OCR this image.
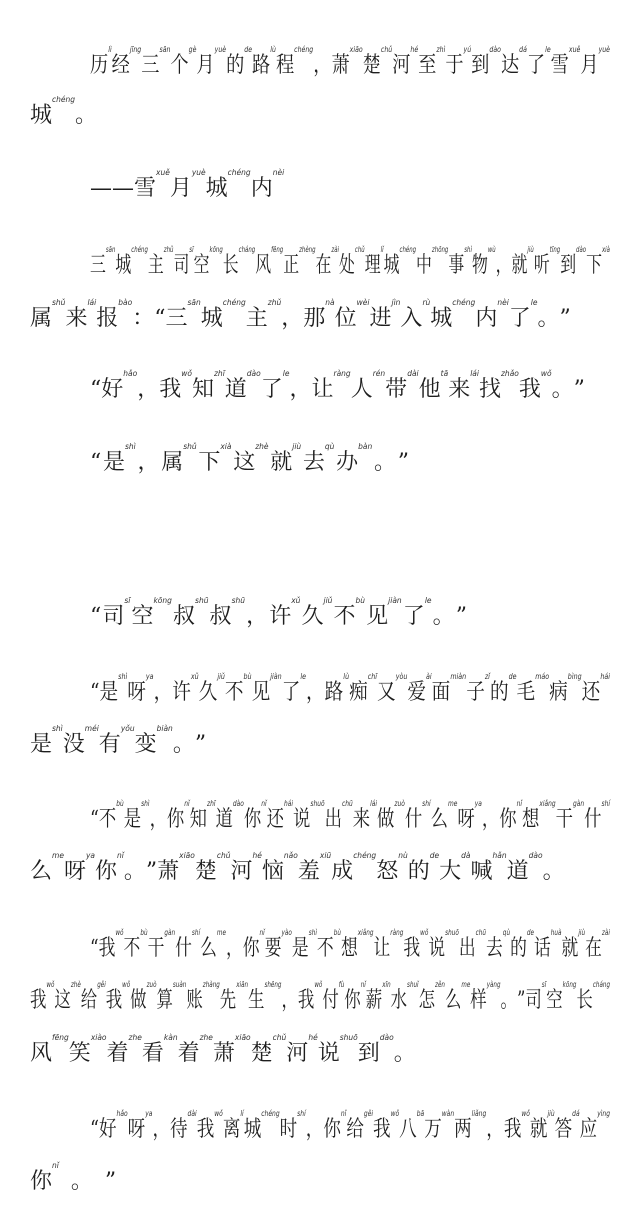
历lì
经jīng
三sān
个gè
月yuè
的de
路lù
程chéng
， 萧xiāo
楚chǔ
河hé
至zhì
于yú
到dào
达dá
了le
雪xuě
月yuè
城chéng
。
— — 雪xuě
月yuè
城chéng
内nèi
三sān
城chéng
主zhǔ
司sī
空kōng
长cháng
风fēng
正zhèng
在zài
处chǔ
理lǐ
城chéng
中zhōng
事shì
物wù
， 就jiù
听tīng
到dào
下xià
属shǔ
来lái
报bào
： “ 三sān
城chéng
主zhǔ
， 那nà
位wèi
进jìn
入rù
城chéng
内nèi
了le
。 ”
“ 好hǎo
， 我wǒ
知zhī
道dào
了le
， 让ràng
人rén
带dài
他tā
来lái
找zhǎo
我wǒ
。 ”
“ 是shì
， 属shǔ
下xià
这zhè
就jiù
去qù
办bàn
。 ”
“ 司sī
空kōng
叔shū
叔shū
， 许xǔ
久jiǔ
不bù
见jiàn
了le
。 ”
“ 是shì
呀ya
， 许xǔ
久jiǔ
不bù
见jiàn
了le
， 路lù
痴chī
又yòu
爱ài
面miàn
子zǐ
的de
毛máo
病bìng
还hái
是shì
没méi
有yǒu
变biàn
。 ”
“ 不bù
是shì
， 你nǐ
知zhī
道dào
你nǐ
还hái
说shuō
出chū
来lái
做zuò
什shí
么me
呀ya
， 你nǐ
想xiǎng
干gàn
什shí
么me
呀ya
你nǐ
。 ” 萧xiāo
楚chǔ
河hé
恼nǎo
羞xiū
成chéng
怒nù
的de
大dà
喊hǎn
道dào
。
“ 我wǒ
不bù
干gàn
什shí
么me
， 你nǐ
要yào
是shì
不bù
想xiǎng
让ràng
我wǒ
说shuō
出chū
去qù
的de
话huà
就jiù
在zài
我wǒ
这zhè
给gěi
我wǒ
做zuò
算suàn
账zhàng
先xiān
生shēng
， 我wǒ
付fù
你nǐ
薪xīn
水shuǐ
怎zěn
么me
样yàng
。 ” 司sī
空kōng
长cháng
风fēng
笑xiào
着zhe
看kàn
着zhe
萧xiāo
楚chǔ
河hé
说shuō
到dào
。
“ 好hǎo
呀ya
， 待dài
我wǒ
离lí
城chéng
时shí
， 你nǐ
给gěi
我wǒ
八bā
万wàn
两liǎng
， 我wǒ
就jiù
答dá
应yìng
你nǐ
。 ”
